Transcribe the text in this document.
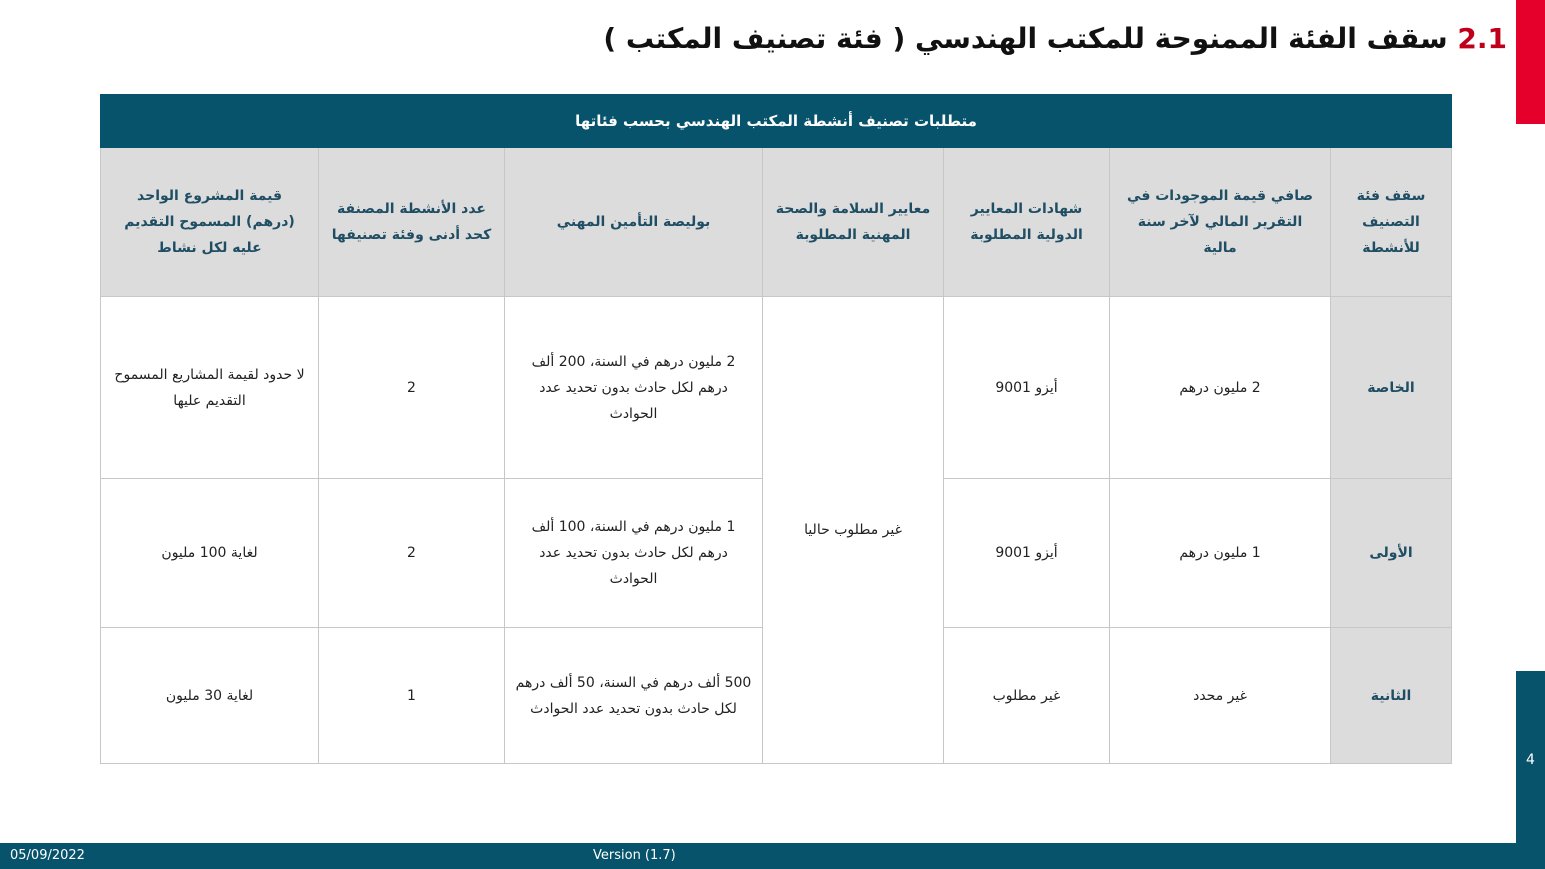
4
2.1 سقف الفئة الممنوحة للمكتب الهندسي ( فئة تصنيف المكتب )
متطلبات تصنيف أنشطة المكتب الهندسي بحسب فئاتها						
سقف فئة التصنيف للأنشطة	صافي قيمة الموجودات في التقرير المالي لآخر سنة مالية	شهادات المعايير الدولية المطلوبة	معايير السلامة والصحة المهنية المطلوبة	بوليصة التأمين المهني	عدد الأنشطة المصنفة كحد أدنى وفئة تصنيفها	قيمة المشروع الواحد (درهم) المسموح التقديم عليه لكل نشاط
الخاصة	2 مليون درهم	أيزو 9001	غير مطلوب حاليا	2 مليون درهم في السنة، 200 ألف درهم لكل حادث بدون تحديد عدد الحوادث	2	لا حدود لقيمة المشاريع المسموح التقديم عليها
الأولى	1 مليون درهم	أيزو 9001		1 مليون درهم في السنة، 100 ألف درهم لكل حادث بدون تحديد عدد الحوادث	2	لغاية 100 مليون
الثانية	غير محدد	غير مطلوب		500 ألف درهم في السنة، 50 ألف درهم لكل حادث بدون تحديد عدد الحوادث	1	لغاية 30 مليون
05/09/2022	Version (1.7)
